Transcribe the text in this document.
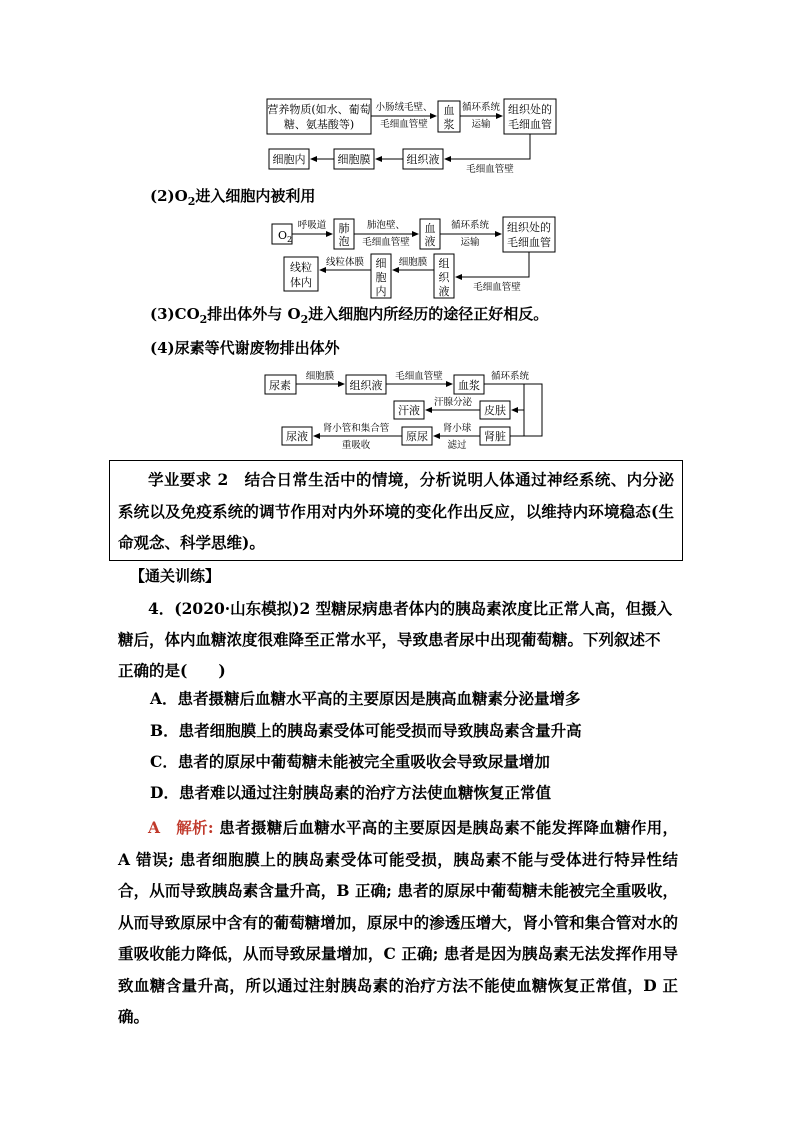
营养物质(如水、葡萄
糖、氨基酸等)
小肠绒毛壁、
毛细血管壁
血
浆
循环系统
运输
组织处的
毛细血管
毛细血管壁
组织液
细胞膜
细胞内
$(2)O_2$进入细胞内被利用
$O_2$
呼吸道 肺
泡
肺泡壁、
毛细血管壁
血
液
循环系统
运输
组织处的
毛细血管
毛细血管壁
组
织
液
细胞膜
细
胞
内
线粒体膜
线粒
体内
$(3)CO_2$排出体外与 $O_2$进入细胞内所经历的途径正好相反。
(4)尿素等代谢废物排出体外
尿素
细胞膜
组织液
毛细血管壁
血浆
循环系统
皮肤
汗腺分泌
汗液
肾脏
肾小球
滤过
原尿
肾小管和集合管
重吸收
尿液
学业要求 2　 结合日常生活中的情境，分析说明人体通过神经系统、内分泌系统以及免疫系统的调节作用对内外环境的变化作出反应，以维持内环境稳态(生命观念、科学思维)。
【通关训练】
4．(2020·山东模拟)2 型糖尿病患者体内的胰岛素浓度比正常人高，但摄入糖后，体内血糖浓度很难降至正常水平，导致患者尿中出现葡萄糖。下列叙述不正确的是(　　)
A．患者摄糖后血糖水平高的主要原因是胰高血糖素分泌量增多
B．患者细胞膜上的胰岛素受体可能受损而导致胰岛素含量升高
C．患者的原尿中葡萄糖未能被完全重吸收会导致尿量增加
D．患者难以通过注射胰岛素的治疗方法使血糖恢复正常值
A　 解析: 患者摄糖后血糖水平高的主要原因是胰岛素不能发挥降血糖作用，A 错误; 患者细胞膜上的胰岛素受体可能受损，胰岛素不能与受体进行特异性结合，从而导致胰岛素含量升高，B 正确; 患者的原尿中葡萄糖未能被完全重吸收，从而导致原尿中含有的葡萄糖增加，原尿中的渗透压增大，肾小管和集合管对水的重吸收能力降低，从而导致尿量增加，C 正确; 患者是因为胰岛素无法发挥作用导致血糖含量升高，所以通过注射胰岛素的治疗方法不能使血糖恢复正常值，D 正确。
